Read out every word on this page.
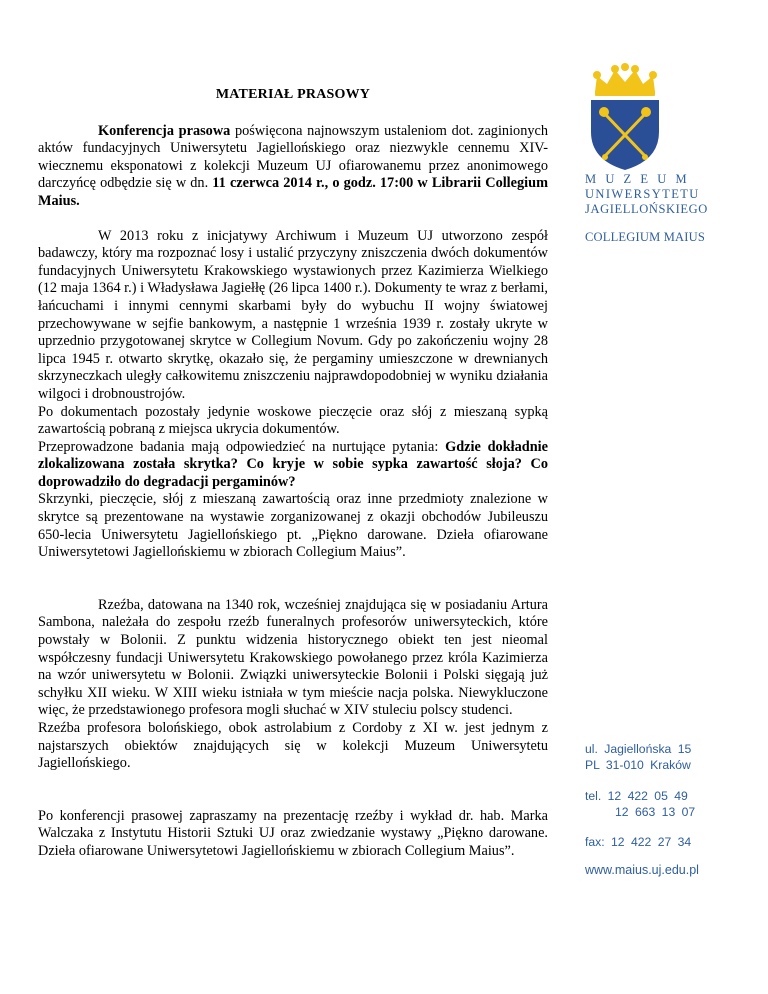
MATERIAŁ PRASOWY

Konferencja prasowa poświęcona najnowszym ustaleniom dot. zaginionych aktów fundacyjnych Uniwersytetu Jagiellońskiego oraz niezwykle cennemu XIV-wiecznemu eksponatowi z kolekcji Muzeum UJ ofiarowanemu przez anonimowego darczyńcę odbędzie się w dn. 11 czerwca 2014 r., o godz. 17:00 w Librarii Collegium Maius.

W 2013 roku z inicjatywy Archiwum i Muzeum UJ utworzono zespół badawczy, który ma rozpoznać losy i ustalić przyczyny zniszczenia dwóch dokumentów fundacyjnych Uniwersytetu Krakowskiego wystawionych przez Kazimierza Wielkiego (12 maja 1364 r.) i Władysława Jagiełłę (26 lipca 1400 r.). Dokumenty te wraz z berłami, łańcuchami i innymi cennymi skarbami były do wybuchu II wojny światowej przechowywane w sejfie bankowym, a następnie 1 września 1939 r. zostały ukryte w uprzednio przygotowanej skrytce w Collegium Novum. Gdy po zakończeniu wojny 28 lipca 1945 r. otwarto skrytkę, okazało się, że pergaminy umieszczone w drewnianych skrzyneczkach uległy całkowitemu zniszczeniu najprawdopodobniej w wyniku działania wilgoci i drobnoustrojów.

Po dokumentach pozostały jedynie woskowe pieczęcie oraz słój z mieszaną sypką zawartością pobraną z miejsca ukrycia dokumentów.

Przeprowadzone badania mają odpowiedzieć na nurtujące pytania: Gdzie dokładnie zlokalizowana została skrytka? Co kryje w sobie sypka zawartość słoja? Co doprowadziło do degradacji pergaminów?

Skrzynki, pieczęcie, słój z mieszaną zawartością oraz inne przedmioty znalezione w skrytce są prezentowane na wystawie zorganizowanej z okazji obchodów Jubileuszu 650-lecia Uniwersytetu Jagiellońskiego pt. „Piękno darowane. Dzieła ofiarowane Uniwersytetowi Jagiellońskiemu w zbiorach Collegium Maius”.

Rzeźba, datowana na 1340 rok, wcześniej znajdująca się w posiadaniu Artura Sambona, należała do zespołu rzeźb funeralnych profesorów uniwersyteckich, które powstały w Bolonii. Z punktu widzenia historycznego obiekt ten jest nieomal współczesny fundacji Uniwersytetu Krakowskiego powołanego przez króla Kazimierza na wzór uniwersytetu w Bolonii. Związki uniwersyteckie Bolonii i Polski sięgają już schyłku XII wieku. W XIII wieku istniała w tym mieście nacja polska. Niewykluczone więc, że przedstawionego profesora mogli słuchać w XIV stuleciu polscy studenci.

Rzeźba profesora bolońskiego, obok astrolabium z Cordoby z XI w. jest jednym z najstarszych obiektów znajdujących się w kolekcji Muzeum Uniwersytetu Jagiellońskiego.

Po konferencji prasowej zapraszamy na prezentację rzeźby i wykład dr. hab. Marka Walczaka z Instytutu Historii Sztuki UJ oraz zwiedzanie wystawy „Piękno darowane. Dzieła ofiarowane Uniwersytetowi Jagiellońskiemu w zbiorach Collegium Maius”.

MUZEUM
UNIWERSYTETU
JAGIELLOŃSKIEGO
COLLEGIUM MAIUS
ul. Jagiellońska 15
PL 31-010 Kraków
tel. 12 422 05 49
12 663 13 07
fax: 12 422 27 34
www.maius.uj.edu.pl
